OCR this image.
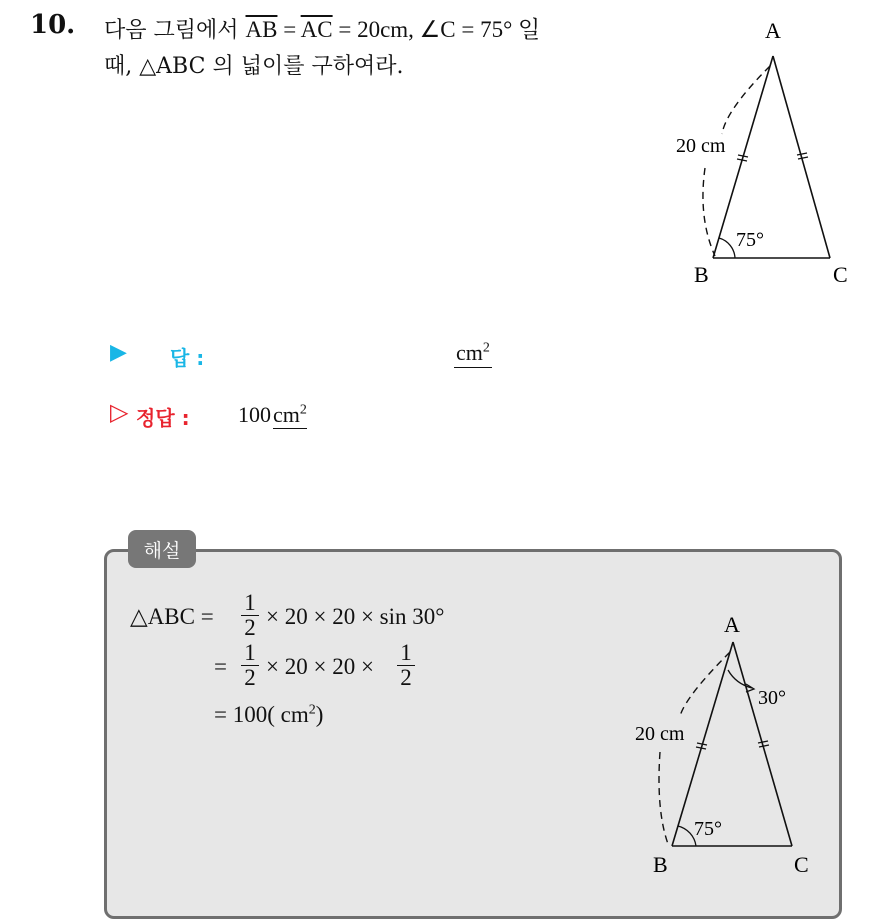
10. 다음 그림에서 $\overline{AB} = \overline{AC} = 20cm$, ∠C = 75° 일
때, △ABC 의 넓이를 구하여라.
A
B	C
20 cm
75°
▶ 답 :	$cm^2$
▷ 정답 : $100cm^2$
해설
△ABC =
1
2 × 20 × 20 × sin 30°
=
1
2 × 20 × 20 ×
1
2
= 100( $cm^2$)
A
B	C
20 cm
75°
30°
